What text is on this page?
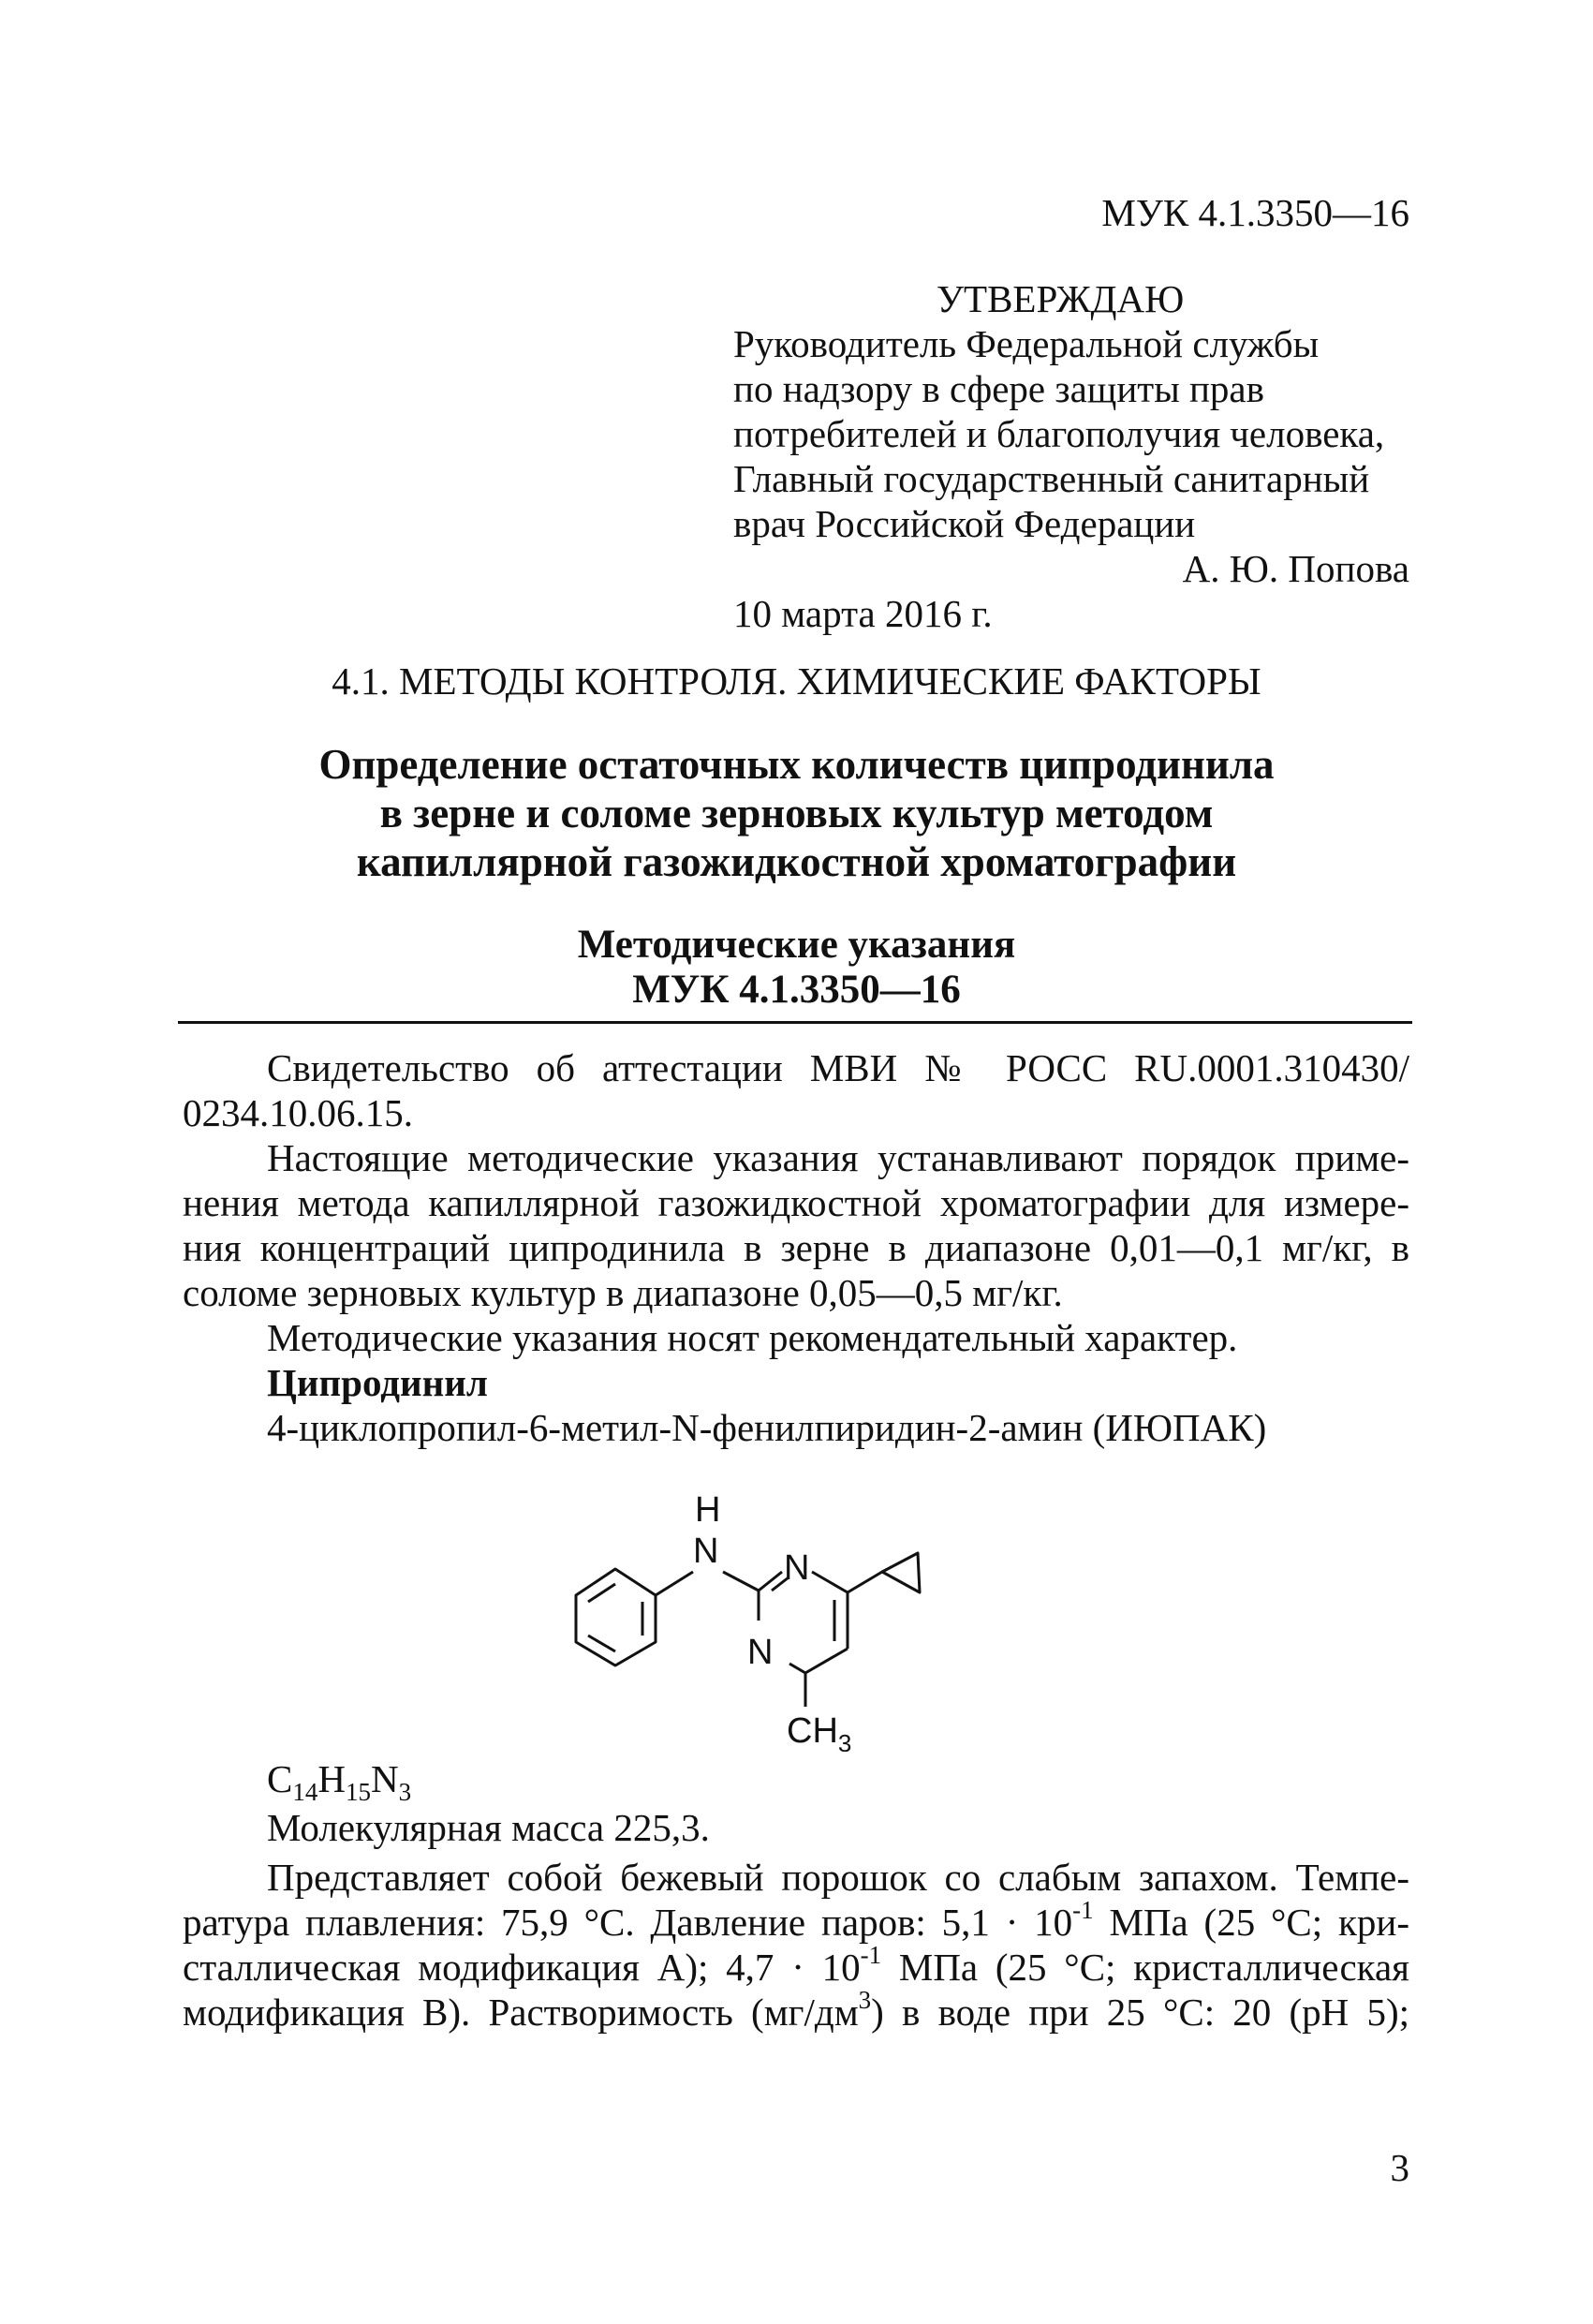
МУК 4.1.3350—16
УТВЕРЖДАЮ
Руководитель Федеральной службы
по надзору в сфере защиты прав
потребителей и благополучия человека,
Главный государственный санитарный
врач Российской Федерации
А. Ю. Попова
10 марта 2016 г.
4.1. МЕТОДЫ КОНТРОЛЯ. ХИМИЧЕСКИЕ ФАКТОРЫ
Определение остаточных количеств ципродинила
в зерне и соломе зерновых культур методом
капиллярной газожидкостной хроматографии
Методические указания
МУК 4.1.3350—16
Свидетельство об аттестации МВИ № РОСС RU.0001.310430/
0234.10.06.15.
Настоящие методические указания устанавливают порядок приме-
нения метода капиллярной газожидкостной хроматографии для измере-
ния концентраций ципродинила в зерне в диапазоне 0,01—0,1 мг/кг, в
соломе зерновых культур в диапазоне 0,05—0,5 мг/кг.
Методические указания носят рекомендательный характер.
Ципродинил
4-циклопропил-6-метил-N-фенилпиридин-2-амин (ИЮПАК)
H
N N
N
$CH_3$
$C_{14}H_{15}N_3$
Молекулярная масса 225,3.
Представляет собой бежевый порошок со слабым запахом. Темпе-
ратура плавления: 75,9 °С. Давление паров: $5,1 \cdot 10^{-1}$ МПа (25 °С; кри-
сталлическая модификация А); $4,7 \cdot 10^{-1}$ МПа (25 °С; кристаллическая
модификация В). Растворимость $(мг/дм^3)$ в воде при 25 °С: 20 (рН 5);
3
